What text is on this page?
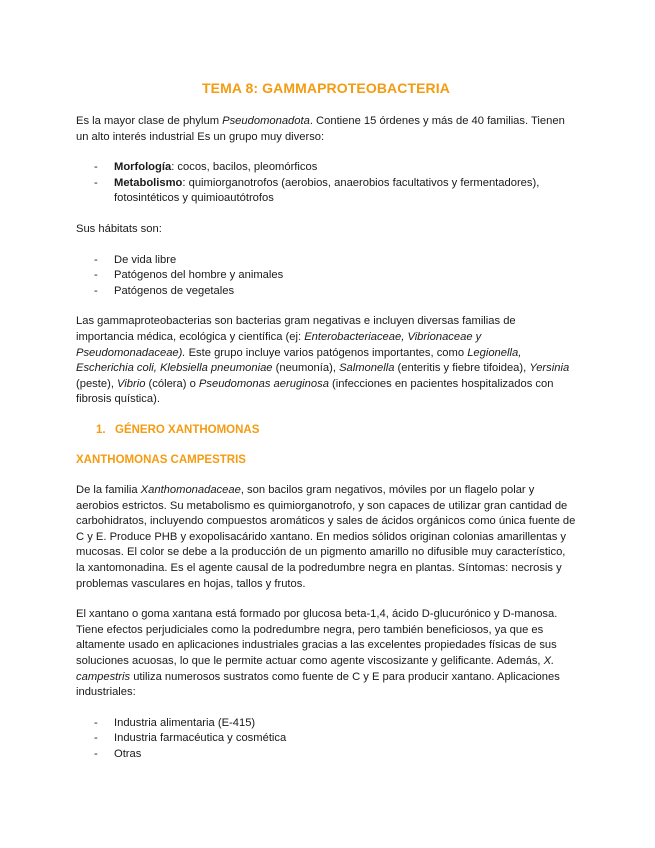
TEMA 8: GAMMAPROTEOBACTERIA

Es la mayor clase de phylum Pseudomonadota. Contiene 15 órdenes y más de 40 familias. Tienen un alto interés industrial Es un grupo muy diverso:

- Morfología: cocos, bacilos, pleomórficos
- Metabolismo: quimiorganotrofos (aerobios, anaerobios facultativos y fermentadores), fotosintéticos y quimioautótrofos

Sus hábitats son:

- De vida libre
- Patógenos del hombre y animales
- Patógenos de vegetales

Las gammaproteobacterias son bacterias gram negativas e incluyen diversas familias de importancia médica, ecológica y científica (ej: Enterobacteriaceae, Vibrionaceae y Pseudomonadaceae). Este grupo incluye varios patógenos importantes, como Legionella, Escherichia coli, Klebsiella pneumoniae (neumonía), Salmonella (enteritis y fiebre tifoidea), Yersinia (peste), Vibrio (cólera) o Pseudomonas aeruginosa (infecciones en pacientes hospitalizados con fibrosis quística).

1. GÉNERO XANTHOMONAS
XANTHOMONAS CAMPESTRIS

De la familia Xanthomonadaceae, son bacilos gram negativos, móviles por un flagelo polar y aerobios estrictos. Su metabolismo es quimiorganotrofo, y son capaces de utilizar gran cantidad de carbohidratos, incluyendo compuestos aromáticos y sales de ácidos orgánicos como única fuente de C y E. Produce PHB y exopolisacárido xantano. En medios sólidos originan colonias amarillentas y mucosas. El color se debe a la producción de un pigmento amarillo no difusible muy característico, la xantomonadina. Es el agente causal de la podredumbre negra en plantas. Síntomas: necrosis y problemas vasculares en hojas, tallos y frutos.

El xantano o goma xantana está formado por glucosa beta-1,4, ácido D-glucurónico y D-manosa. Tiene efectos perjudiciales como la podredumbre negra, pero también beneficiosos, ya que es altamente usado en aplicaciones industriales gracias a las excelentes propiedades físicas de sus soluciones acuosas, lo que le permite actuar como agente viscosizante y gelificante. Además, X. campestris utiliza numerosos sustratos como fuente de C y E para producir xantano. Aplicaciones industriales:

- Industria alimentaria (E-415)
- Industria farmacéutica y cosmética
- Otras
